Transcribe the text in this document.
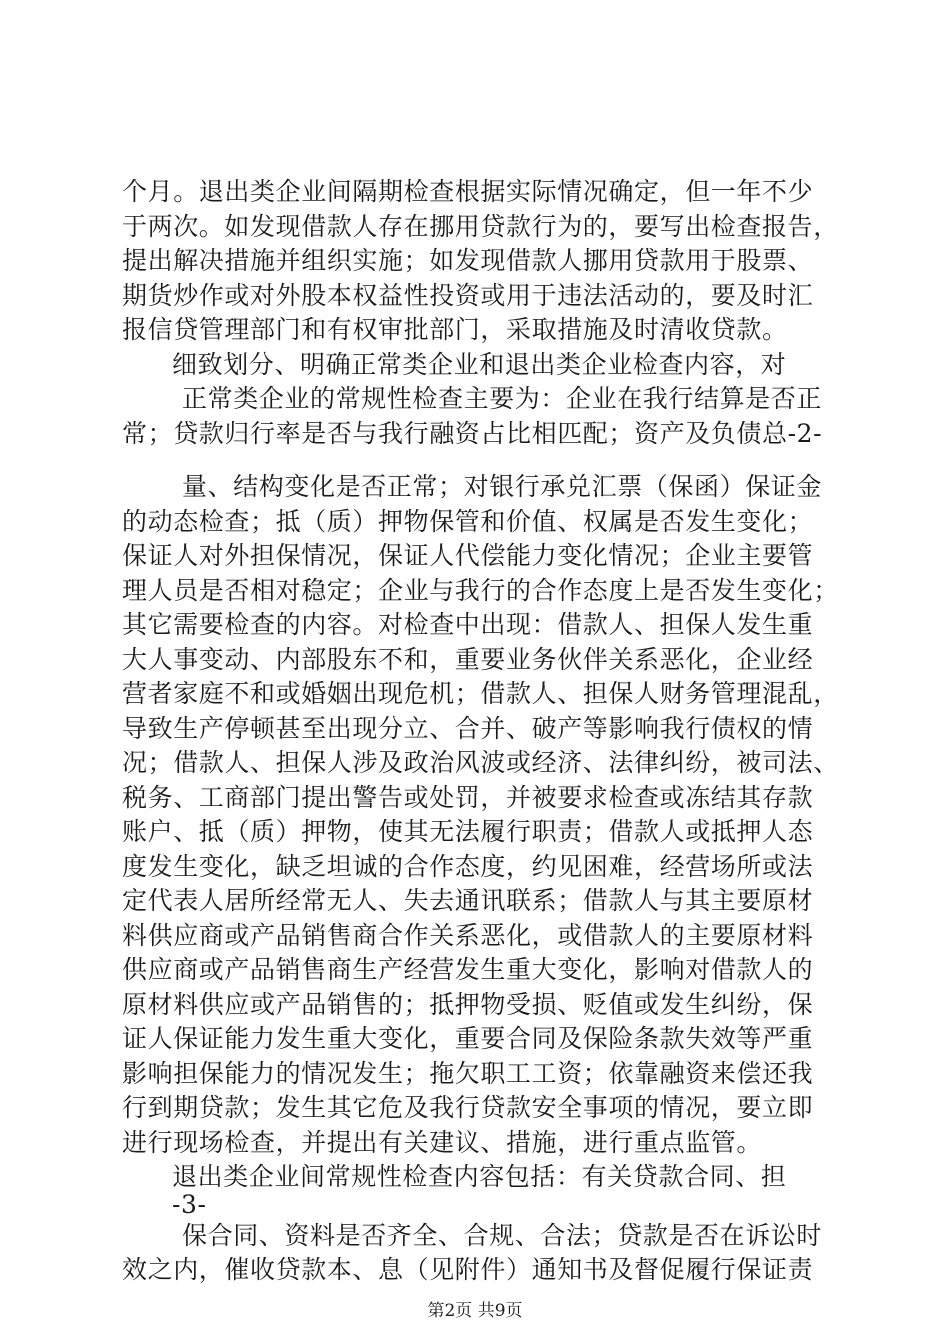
个月。退出类企业间隔期检查根据实际情况确定，但一年不少
于两次。如发现借款人存在挪用贷款行为的，要写出检查报告，
提出解决措施并组织实施；如发现借款人挪用贷款用于股票、
期货炒作或对外股本权益性投资或用于违法活动的，要及时汇
报信贷管理部门和有权审批部门，采取措施及时清收贷款。
细致划分、明确正常类企业和退出类企业检查内容，对
正常类企业的常规性检查主要为：企业在我行结算是否正
常；贷款归行率是否与我行融资占比相匹配；资产及负债总-2-
量、结构变化是否正常；对银行承兑汇票（保函）保证金
的动态检查；抵（质）押物保管和价值、权属是否发生变化；
保证人对外担保情况，保证人代偿能力变化情况；企业主要管
理人员是否相对稳定；企业与我行的合作态度上是否发生变化；
其它需要检查的内容。对检查中出现：借款人、担保人发生重
大人事变动、内部股东不和，重要业务伙伴关系恶化，企业经
营者家庭不和或婚姻出现危机；借款人、担保人财务管理混乱，
导致生产停顿甚至出现分立、合并、破产等影响我行债权的情
况；借款人、担保人涉及政治风波或经济、法律纠纷，被司法、
税务、工商部门提出警告或处罚，并被要求检查或冻结其存款
账户、抵（质）押物，使其无法履行职责；借款人或抵押人态
度发生变化，缺乏坦诚的合作态度，约见困难，经营场所或法
定代表人居所经常无人、失去通讯联系；借款人与其主要原材
料供应商或产品销售商合作关系恶化，或借款人的主要原材料
供应商或产品销售商生产经营发生重大变化，影响对借款人的
原材料供应或产品销售的；抵押物受损、贬值或发生纠纷，保
证人保证能力发生重大变化，重要合同及保险条款失效等严重
影响担保能力的情况发生；拖欠职工工资；依靠融资来偿还我
行到期贷款；发生其它危及我行贷款安全事项的情况，要立即
进行现场检查，并提出有关建议、措施，进行重点监管。
退出类企业间常规性检查内容包括：有关贷款合同、担
-3-
保合同、资料是否齐全、合规、合法；贷款是否在诉讼时
效之内，催收贷款本、息（见附件）通知书及督促履行保证责
第2页 共9页
